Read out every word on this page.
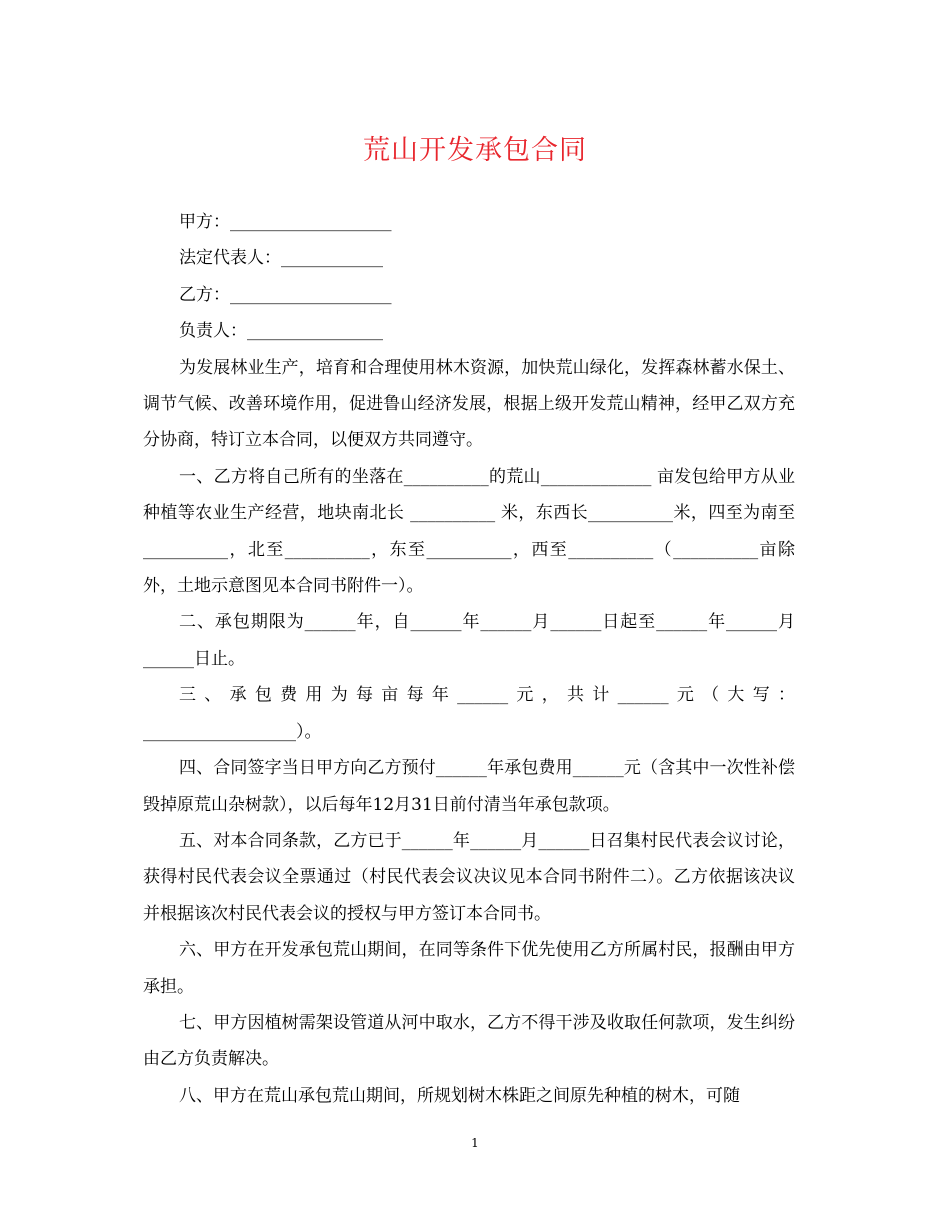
荒山开发承包合同

甲方：___________________

法定代表人：____________

乙方：___________________

负责人：________________

为发展林业生产，培育和合理使用林木资源，加快荒山绿化，发挥森林蓄水保土、调节气候、改善环境作用，促进鲁山经济发展，根据上级开发荒山精神，经甲乙双方充分协商，特订立本合同，以便双方共同遵守。

一、乙方将自己所有的坐落在__________的荒山_____________ 亩发包给甲方从业种植等农业生产经营，地块南北长 __________ 米，东西长__________米，四至为南至__________，北至__________，东至__________，西至__________（__________亩除外，土地示意图见本合同书附件一）。

二、承包期限为______年，自______年______月______日起至______年______月______日止。

三、承包费用为每亩每年______元，共计______元（大写：__________________）。

四、合同签字当日甲方向乙方预付______年承包费用______元（含其中一次性补偿毁掉原荒山杂树款），以后每年12月31日前付清当年承包款项。

五、对本合同条款，乙方已于______年______月______日召集村民代表会议讨论，获得村民代表会议全票通过（村民代表会议决议见本合同书附件二）。乙方依据该决议并根据该次村民代表会议的授权与甲方签订本合同书。

六、甲方在开发承包荒山期间，在同等条件下优先使用乙方所属村民，报酬由甲方承担。

七、甲方因植树需架设管道从河中取水，乙方不得干涉及收取任何款项，发生纠纷由乙方负责解决。

八、甲方在荒山承包荒山期间，所规划树木株距之间原先种植的树木，可随

1
